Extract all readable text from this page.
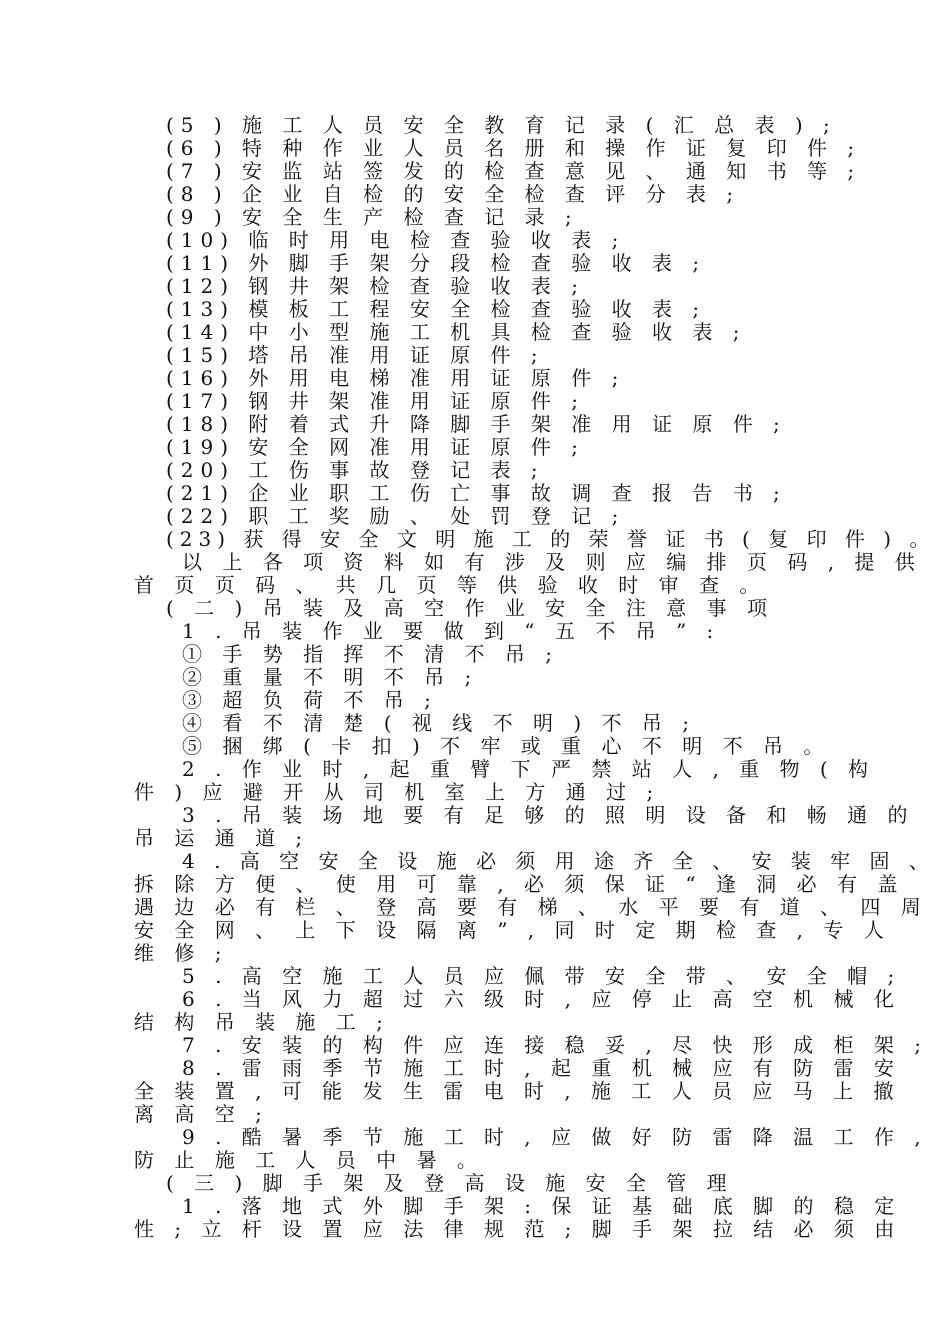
(5 ) 施 工 人 员 安 全 教 育 记 录 ( 汇 总 表 ) ;
(6 ) 特 种 作 业 人 员 名 册 和 操 作 证 复 印 件 ;
(7 ) 安 监 站 签 发 的 检 查 意 见 、 通 知 书 等 ;
(8 ) 企 业 自 检 的 安 全 检 查 评 分 表 ;
(9 ) 安 全 生 产 检 查 记 录 ;
(10) 临 时 用 电 检 查 验 收 表 ;
(11) 外 脚 手 架 分 段 检 查 验 收 表 ;
(12) 钢 井 架 检 查 验 收 表 ;
(13) 模 板 工 程 安 全 检 查 验 收 表 ;
(14) 中 小 型 施 工 机 具 检 查 验 收 表 ;
(15) 塔 吊 准 用 证 原 件 ;
(16) 外 用 电 梯 准 用 证 原 件 ;
(17) 钢 井 架 准 用 证 原 件 ;
(18) 附 着 式 升 降 脚 手 架 准 用 证 原 件 ;
(19) 安 全 网 准 用 证 原 件 ;
(20) 工 伤 事 故 登 记 表 ;
(21) 企 业 职 工 伤 亡 事 故 调 查 报 告 书 ;
(22) 职 工 奖 励 、 处 罚 登 记 ;
(23) 获 得 安 全 文 明 施 工 的 荣 誉 证 书 ( 复 印 件 ) 。
以 上 各 项 资 料 如 有 涉 及 则 应 编 排 页 码 , 提 供
首 页 页 码 、 共 几 页 等 供 验 收 时 审 查 。
( 二 ) 吊 装 及 高 空 作 业 安 全 注 意 事 项
1 . 吊 装 作 业 要 做 到 “ 五 不 吊 ” :
① 手 势 指 挥 不 清 不 吊 ;
② 重 量 不 明 不 吊 ;
③ 超 负 荷 不 吊 ;
④ 看 不 清 楚 ( 视 线 不 明 ) 不 吊 ;
⑤ 捆 绑 ( 卡 扣 ) 不 牢 或 重 心 不 明 不 吊 。
2 . 作 业 时 , 起 重 臂 下 严 禁 站 人 , 重 物 ( 构
件 ) 应 避 开 从 司 机 室 上 方 通 过 ;
3 . 吊 装 场 地 要 有 足 够 的 照 明 设 备 和 畅 通 的
吊 运 通 道 ;
4 . 高 空 安 全 设 施 必 须 用 途 齐 全 、 安 装 牢 固 、
拆 除 方 便 、 使 用 可 靠 , 必 须 保 证 “ 逢 洞 必 有 盖
遇 边 必 有 栏 、 登 高 要 有 梯 、 水 平 要 有 道 、 四 周
安 全 网 、 上 下 设 隔 离 ” , 同 时 定 期 检 查 , 专 人
维 修 ;
5 . 高 空 施 工 人 员 应 佩 带 安 全 带 、 安 全 帽 ;
6 . 当 风 力 超 过 六 级 时 , 应 停 止 高 空 机 械 化
结 构 吊 装 施 工 ;
7 . 安 装 的 构 件 应 连 接 稳 妥 , 尽 快 形 成 柜 架 ;
8 . 雷 雨 季 节 施 工 时 , 起 重 机 械 应 有 防 雷 安
全 装 置 , 可 能 发 生 雷 电 时 , 施 工 人 员 应 马 上 撤
离 高 空 ;
9 . 酷 暑 季 节 施 工 时 , 应 做 好 防 雷 降 温 工 作 ,
防 止 施 工 人 员 中 暑 。
( 三 ) 脚 手 架 及 登 高 设 施 安 全 管 理
1 . 落 地 式 外 脚 手 架 : 保 证 基 础 底 脚 的 稳 定
性 ; 立 杆 设 置 应 法 律 规 范 ; 脚 手 架 拉 结 必 须 由
